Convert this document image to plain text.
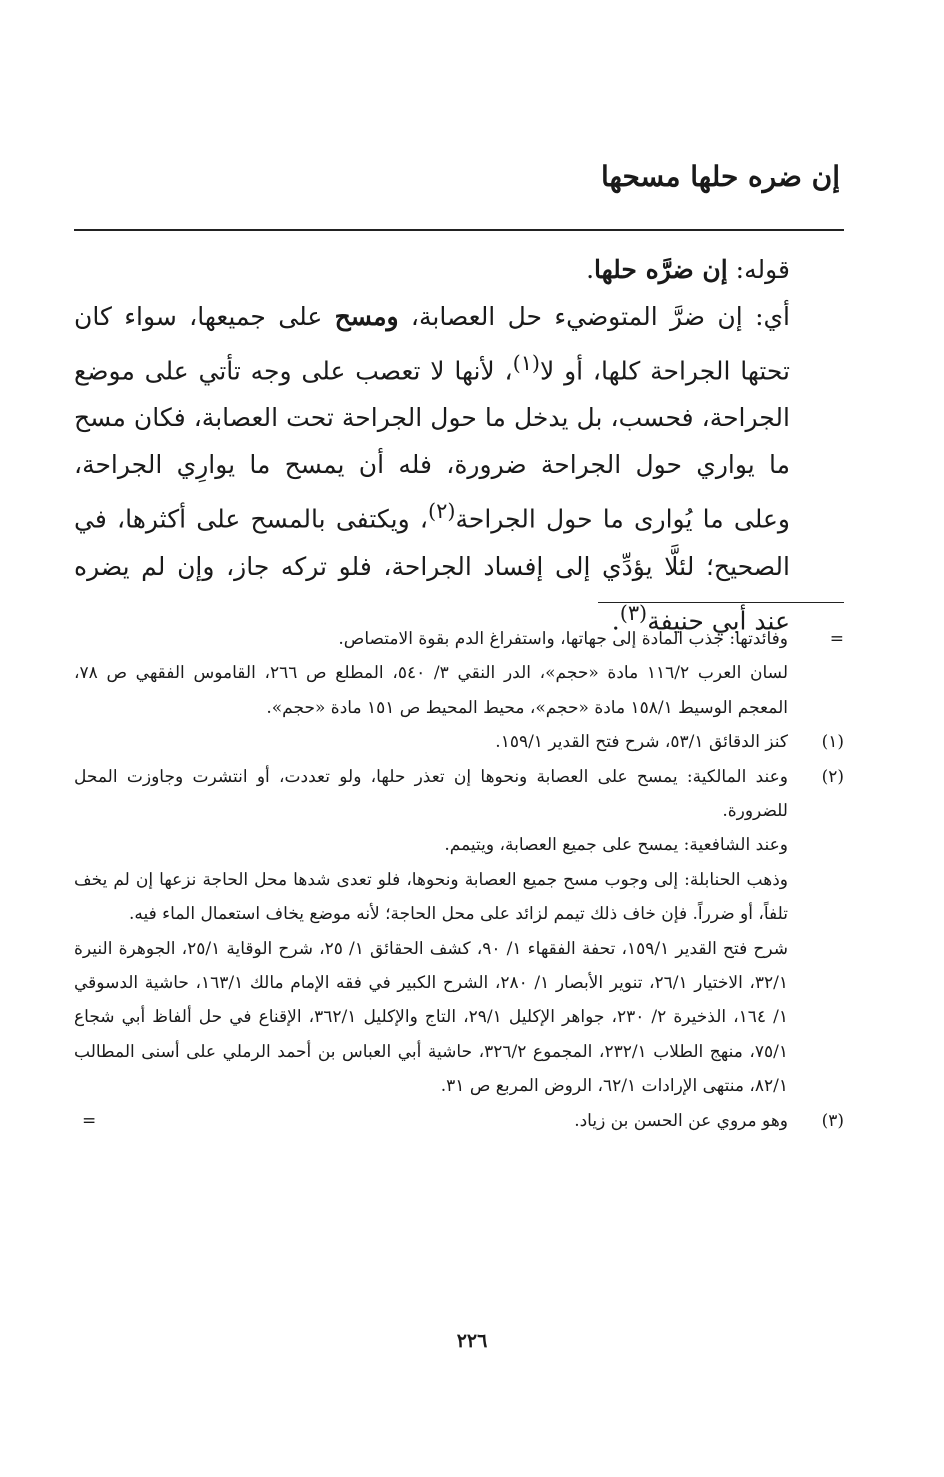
إن ضره حلها مسحها

قوله: إن ضرَّه حلها.

أي: إن ضرَّ المتوضيء حل العصابة، ومسح على جميعها، سواء كان تحتها الجراحة كلها، أو لا$^{(١)}$، لأنها لا تعصب على وجه تأتي على موضع الجراحة، فحسب، بل يدخل ما حول الجراحة تحت العصابة، فكان مسح ما يواري حول الجراحة ضرورة، فله أن يمسح ما يوارِي الجراحة، وعلى ما يُوارى ما حول الجراحة$^{(٢)}$، ويكتفى بالمسح على أكثرها، في الصحيح؛ لئلَّا يؤدِّي إلى إفساد الجراحة، فلو تركه جاز، وإن لم يضره عند أبي حنيفة$^{(٣)}$.

=

وفائدتها: جذب المادة إلى جهاتها، واستفراغ الدم بقوة الامتصاص.

لسان العرب ١١٦/٢ مادة «حجم»، الدر النقي ٣/ ٥٤٠، المطلع ص ٢٦٦، القاموس الفقهي ص ٧٨، المعجم الوسيط ١٥٨/١ مادة «حجم»، محيط المحيط ص ١٥١ مادة «حجم».

(١)

كنز الدقائق ٥٣/١، شرح فتح القدير ١٥٩/١.

(٢)

وعند المالكية: يمسح على العصابة ونحوها إن تعذر حلها، ولو تعددت، أو انتشرت وجاوزت المحل للضرورة.

وعند الشافعية: يمسح على جميع العصابة، ويتيمم.

وذهب الحنابلة: إلى وجوب مسح جميع العصابة ونحوها، فلو تعدى شدها محل الحاجة نزعها إن لم يخف تلفاً، أو ضرراً. فإن خاف ذلك تيمم لزائد على محل الحاجة؛ لأنه موضع يخاف استعمال الماء فيه.

شرح فتح القدير ١٥٩/١، تحفة الفقهاء ١/ ٩٠، كشف الحقائق ١/ ٢٥، شرح الوقاية ٢٥/١، الجوهرة النيرة ٣٢/١، الاختيار ٢٦/١، تنوير الأبصار ١/ ٢٨٠، الشرح الكبير في فقه الإمام مالك ١٦٣/١، حاشية الدسوقي ١/ ١٦٤، الذخيرة ٢/ ٢٣٠، جواهر الإكليل ٢٩/١، التاج والإكليل ٣٦٢/١، الإقناع في حل ألفاظ أبي شجاع ٧٥/١، منهج الطلاب ٢٣٢/١، المجموع ٣٢٦/٢، حاشية أبي العباس بن أحمد الرملي على أسنى المطالب ٨٢/١، منتهى الإرادات ٦٢/١، الروض المربع ص ٣١.

(٣)

وهو مروي عن الحسن بن زياد.

=
٢٢٦
